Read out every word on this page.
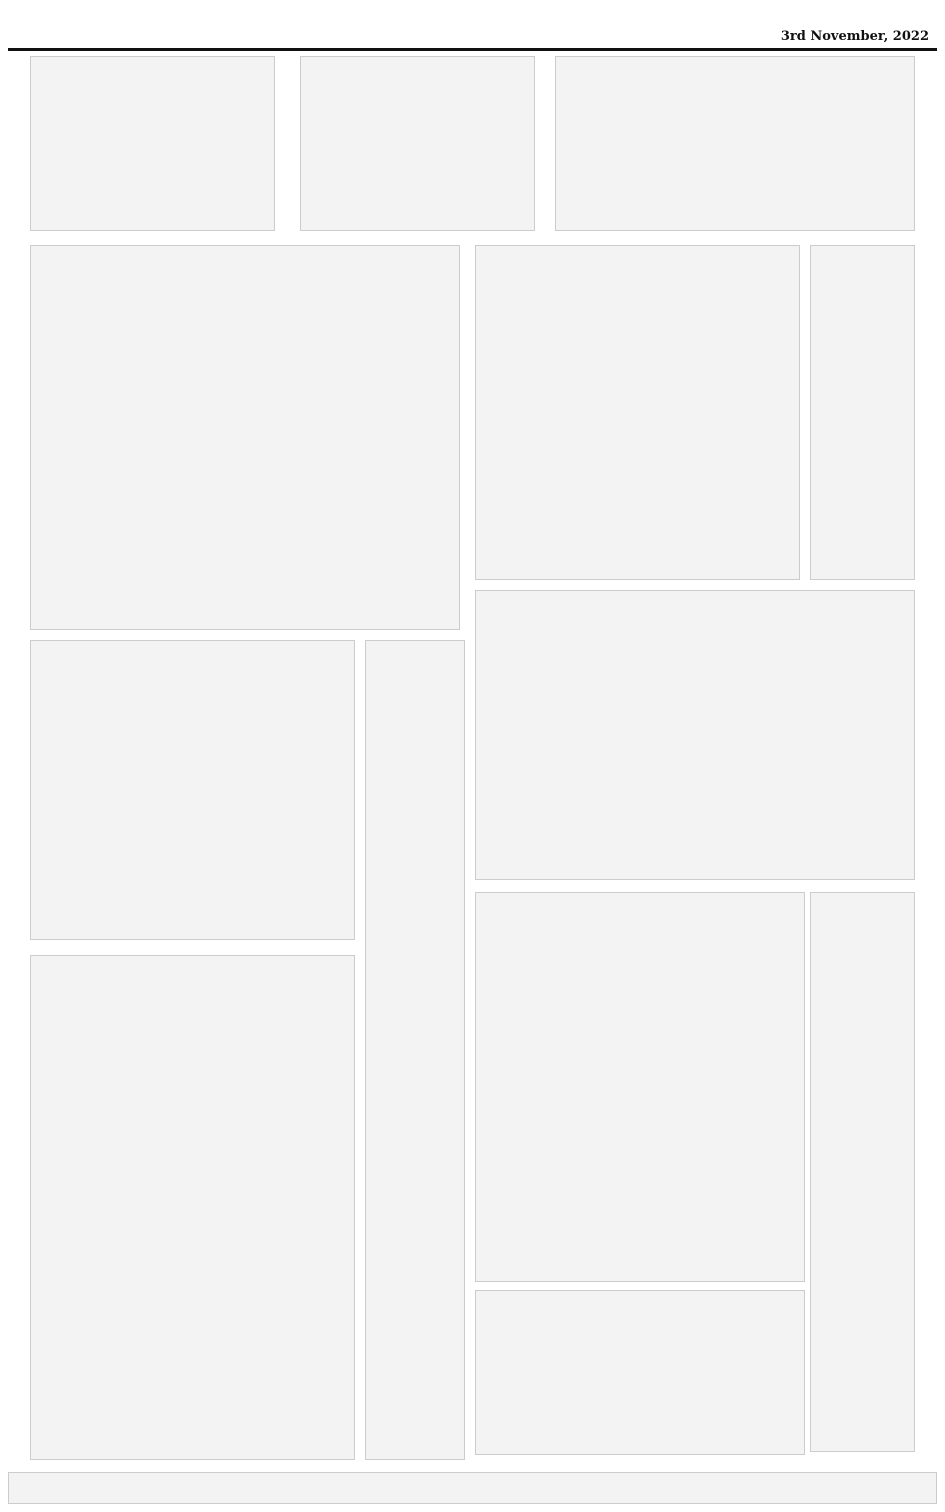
3rd November, 2022
